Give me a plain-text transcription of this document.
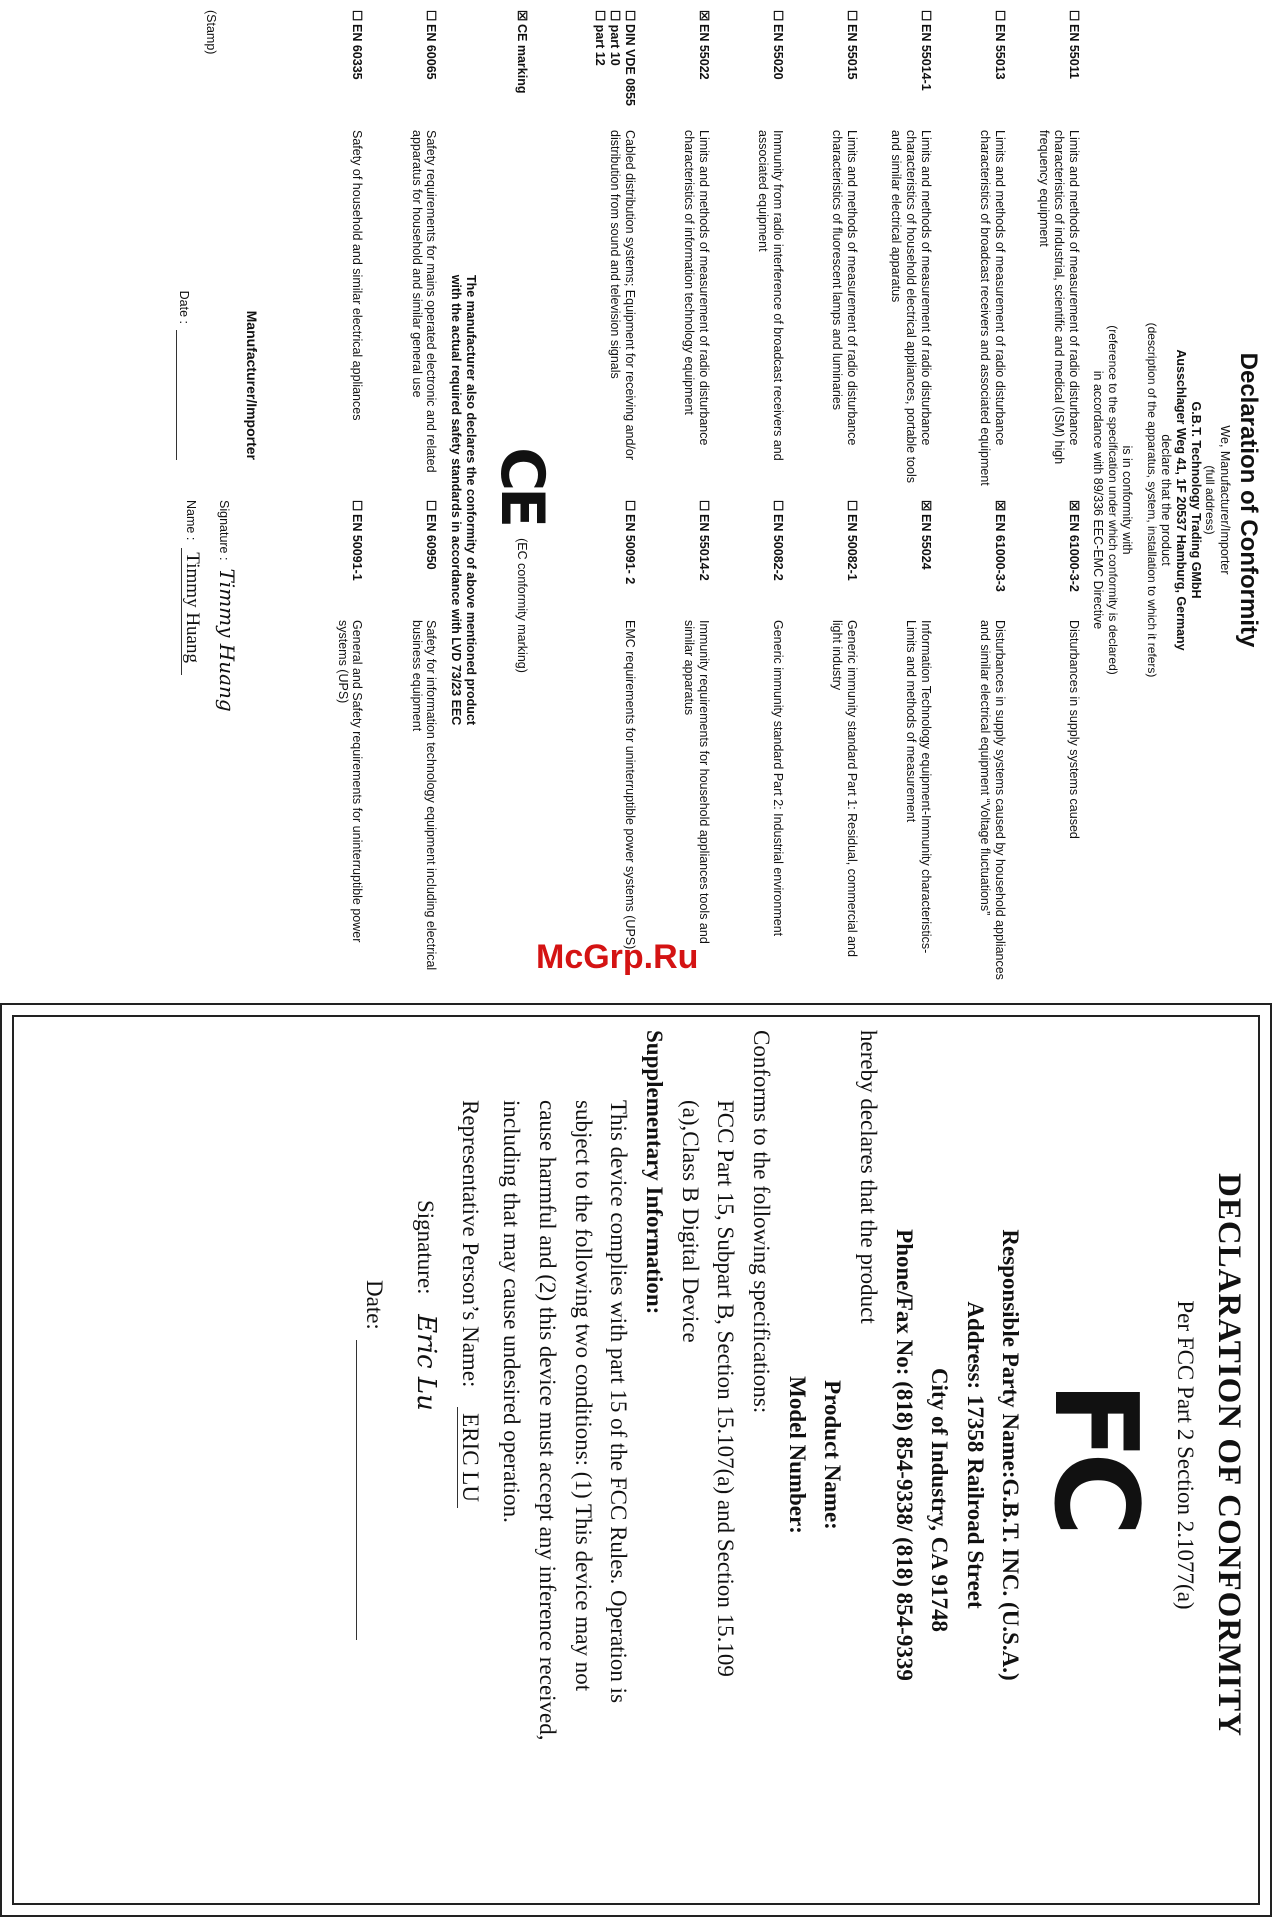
Declaration of Conformity
We, Manufacturer/Importer
(full address)
G.B.T. Technology Trading GMbH
Ausschlager Weg 41, 1F 20537 Hamburg, Germany
declare that the product
(description of the apparatus, system, installation to which it refers)
is in conformity with
(reference to the specification under which conformity is declared)
in accordance with 89/336 EEC-EMC Directive
☐EN 55011
Limits and methods of measurement of radio disturbance characteristics of industrial, scientific and medical (ISM) high frequency equipment
☐EN 55013
Limits and methods of measurement of radio disturbance characteristics of broadcast receivers and associated equipment
☐EN 55014-1
Limits and methods of measurement of radio disturbance characteristics of household electrical appliances, portable tools and similar electrical apparatus
☐EN 55015
Limits and methods of measurement of radio disturbance characteristics of fluorescent lamps and luminaries
☐EN 55020
Immunity from radio interference of broadcast receivers and associated equipment
☒EN 55022
Limits and methods of measurement of radio disturbance characteristics of information technology equipment
☐DIN VDE 0855
☐ part 10
☐ part 12
Cabled distribution systems; Equipment for receiving and/or distribution from sound and television signals
☒EN 61000-3-2
Disturbances in supply systems caused
☒EN 61000-3-3
Disturbances in supply systems caused by household appliances and similar electrical equipment “Voltage fluctuations”
☒EN 55024
Information Technology equipment-Immunity characteristics-Limits and methods of measurement
☐EN 50082-1
Generic immunity standard Part 1: Residual, commercial and light industry
☐EN 50082-2
Generic immunity standard Part 2: Industrial environment
☐EN 55014-2
Immunity requirements for household appliances tools and similar apparatus
☐EN 50091- 2
EMC requirements for uninterruptible power systems (UPS)
☒CE marking
CE
(EC conformity marking)
The manufacturer also declares the conformity of above mentioned product
with the actual required safety standards in accordance with LVD 73/23 EEC
☐EN 60065
Safety requirements for mains operated electronic and related apparatus for household and similar general use
☐EN 60335
Safety of household and similar electrical appliances
☐EN 60950
Safety for information technology equipment including electrical business equipment
☐EN 50091-1
General and Safety requirements for uninterruptible power systems (UPS)
Manufacturer/Importer
(Stamp)
Date :
Signature :Timmy Huang
Name :Timmy Huang
McGrp.Ru
DECLARATION OF CONFORMITY
Per FCC Part 2 Section 2.1077(a)
FC
Responsible Party Name:G.B.T. INC. (U.S.A.)
Address: 17358 Railroad Street
City of Industry, CA 91748
Phone/Fax No: (818) 854-9338/ (818) 854-9339
hereby declares that the product
Product Name:
Model Number:
Conforms to the following specifications:
FCC Part 15, Subpart B, Section 15.107(a) and Section 15.109
(a),Class B Digital Device
Supplementary Information:
This device complies with part 15 of the FCC Rules. Operation is
subject to the following two conditions: (1) This device may not
cause harmful and (2) this device must accept any inference received,
including that may cause undesired operation.
Representative Person’s Name: ERIC LU
Signature: Eric Lu
Date:
